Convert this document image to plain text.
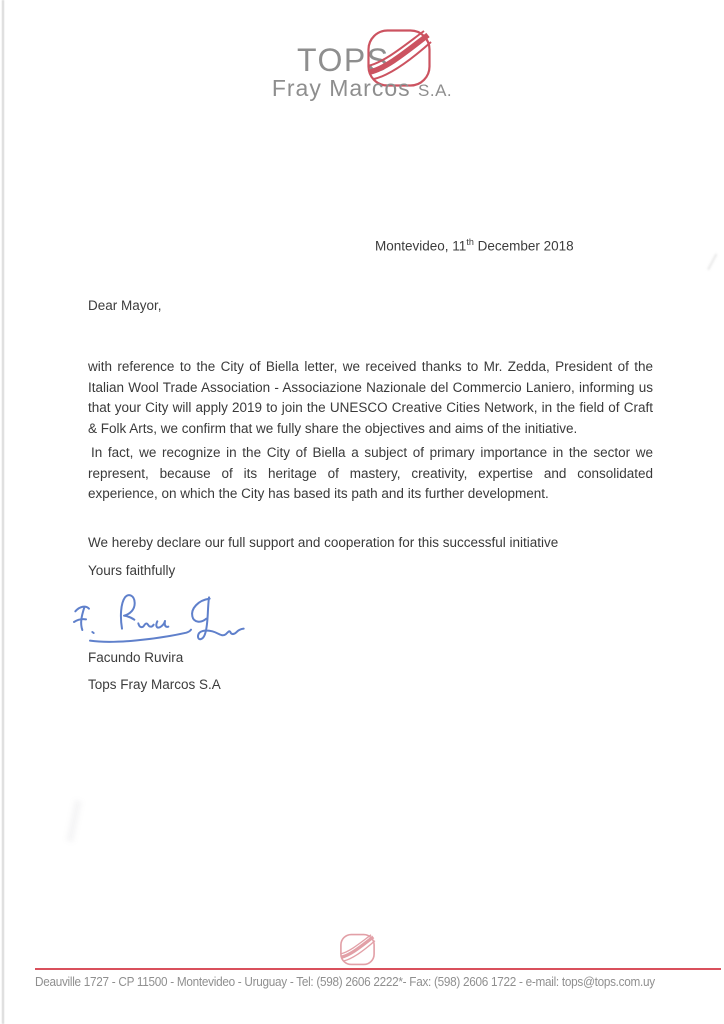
TOPS
Fray Marcos S.A.
Montevideo, 11th December 2018
Dear Mayor,
with reference to the City of Biella letter, we received thanks to Mr. Zedda, President of the Italian Wool Trade Association - Associazione Nazionale del Commercio Laniero, informing us that your City will apply 2019 to join the UNESCO Creative Cities Network, in the field of Craft & Folk Arts, we confirm that we fully share the objectives and aims of the initiative.
In fact, we recognize in the City of Biella a subject of primary importance in the sector we represent, because of its heritage of mastery, creativity, expertise and consolidated experience, on which the City has based its path and its further development.
We hereby declare our full support and cooperation for this successful initiative
Yours faithfully
Facundo Ruvira
Tops Fray Marcos S.A
Deauville 1727 - CP 11500 - Montevideo - Uruguay - Tel: (598) 2606 2222*- Fax: (598) 2606 1722 - e-mail: tops@tops.com.uy
